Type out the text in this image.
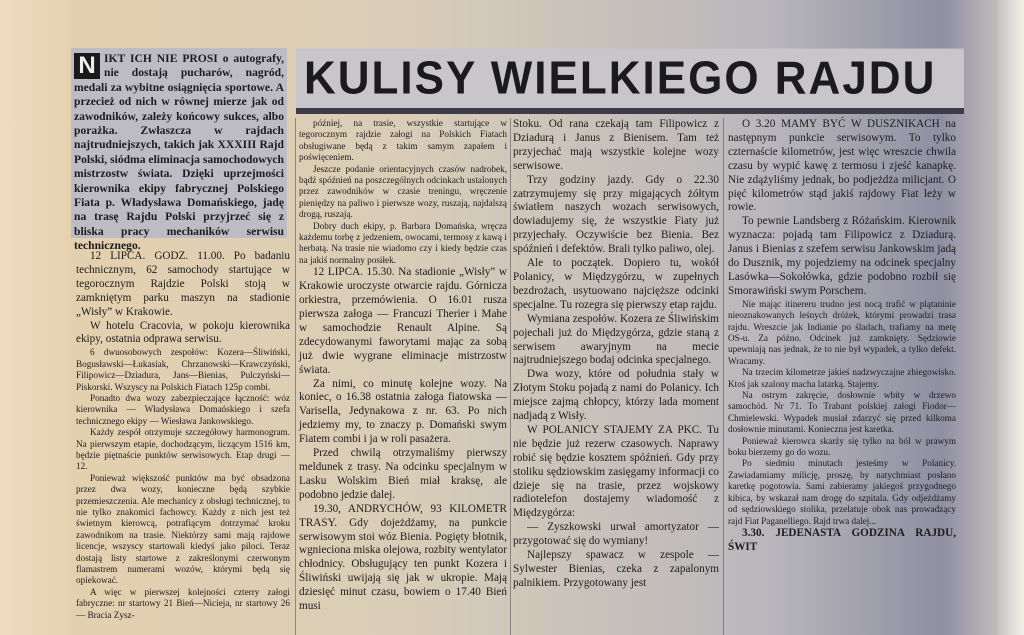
N IKT ICH NIE PROSI o autografy, nie dostają pucharów, nagród, medali za wybitne osiągnięcia sportowe. A przecież od nich w równej mierze jak od zawodników, zależy końcowy sukces, albo porażka. Zwłaszcza w rajdach najtrudniejszych, takich jak XXXIII Rajd Polski, siódma eliminacja samochodowych mistrzostw świata. Dzięki uprzejmości kierownika ekipy fabrycznej Polskiego Fiata p. Władysława Domańskiego, jadę na trasę Rajdu Polski przyjrzeć się z bliska pracy mechaników serwisu technicznego.
KULISY WIELKIEGO RAJDU

12 LIPCA. GODZ. 11.00. Po badaniu technicznym, 62 samochody startujące w tegorocznym Rajdzie Polski stoją w zamkniętym parku maszyn na stadionie „Wisły” w Krakowie.

W hotelu Cracovia, w pokoju kierownika ekipy, ostatnia odprawa serwisu.

6 dwuosobowych zespołów: Kozera—Śliwiński, Bogusławski—Łukasiak, Chrzanowski—Krawczyński, Filipowicz—Dziadura, Jans—Bienias, Pulczyński—Piskorski. Wszyscy na Polskich Fiatach 125p combi.

Ponadto dwa wozy zabezpieczające łączność: wóz kierownika — Władysława Domańskiego i szefa technicznego ekipy — Wiesława Jankowskiego.

Każdy zespół otrzymuje szczegółowy harmonogram. Na pierwszym etapie, dochodzącym, liczącym 1516 km, będzie piętnaście punktów serwisowych. Etap drugi — 12.

Ponieważ większość punktów ma być obsadzona przez dwa wozy, konieczne będą szybkie przemieszczenia. Ale mechanicy z obsługi technicznej, to nie tylko znakomici fachowcy. Każdy z nich jest też świetnym kierowcą, potrafiącym dotrzymać kroku zawodnikom na trasie. Niektórzy sami mają rajdowe licencje, wszyscy startowali kiedyś jako piloci. Teraz dostają listy startowe z zakreślonymi czerwonym flamastrem numerami wozów, którymi będą się opiekować.

A więc w pierwszej kolejności czterry załogi fabryczne: nr startowy 21 Bień—Nicieja, nr startowy 26 — Bracia Zysz-

później, na trasie, wszystkie startujące w tegorocznym rajdzie załogi na Polskich Fiatach obsługiwane będą z takim samym zapałem i poświęceniem.

Jeszcze podanie orientacyjnych czasów nadrobek, bądź spóźnień na poszczególnych odcinkach ustalonych przez zawodników w czasie treningu, wręczenie pieniędzy na paliwo i pierwsze wozy, ruszają, najdalszą drogą, ruszają.

Dobry duch ekipy, p. Barbara Domańska, wręcza każdemu torbę z jedzeniem, owocami, termosy z kawą i herbatą. Na trasie nie wiadomo czy i kiedy będzie czas na jakiś normalny posiłek.

12 LIPCA. 15.30. Na stadionie „Wisły” w Krakowie uroczyste otwarcie rajdu. Górnicza orkiestra, przemówienia. O 16.01 rusza pierwsza załoga — Francuzi Therier i Mahe w samochodzie Renault Alpine. Są zdecydowanymi faworytami mając za sobą już dwie wygrane eliminacje mistrzostw świata.

Za nimi, co minutę kolejne wozy. Na koniec, o 16.38 ostatnia załoga fiatowska — Varisella, Jedynakowa z nr. 63. Po nich jedziemy my, to znaczy p. Domański swym Fiatem combi i ja w roli pasażera.

Przed chwilą otrzymaliśmy pierwszy meldunek z trasy. Na odcinku specjalnym w Lasku Wolskim Bień miał kraksę, ale podobno jedzie dalej.

19.30, ANDRYCHÓW, 93 KILOMETR TRASY. Gdy dojeżdżamy, na punkcie serwisowym stoi wóz Bienia. Pogięty błotnik, wgnieciona miska olejowa, rozbity wentylator chłodnicy. Obsługujący ten punkt Kozera i Śliwiński uwijają się jak w ukropie. Mają dziesięć minut czasu, bowiem o 17.40 Bień musi

Stoku. Od rana czekają tam Filipowicz z Dziadurą i Janus z Bienisem. Tam też przyjechać mają wszystkie kolejne wozy serwisowe.

Trzy godziny jazdy. Gdy o 22.30 zatrzymujemy się przy migających żółtym światłem naszych wozach serwisowych, dowiadujemy się, że wszystkie Fiaty już przyjechały. Oczywiście bez Bienia. Bez spóźnień i defektów. Brali tylko paliwo, olej.

Ale to początek. Dopiero tu, wokół Polanicy, w Międzygórzu, w zupełnych bezdrożach, usytuowano najcięższe odcinki specjalne. Tu rozegra się pierwszy etap rajdu.

Wymiana zespołów. Kozera ze Śliwińskim pojechali już do Międzygórza, gdzie staną z serwisem awaryjnym na mecie najtrudniejszego bodaj odcinka specjalnego.

Dwa wozy, które od południa stały w Złotym Stoku pojadą z nami do Polanicy. Ich miejsce zajmą chłopcy, którzy lada moment nadjadą z Wisły.

W POLANICY STAJEMY ZA PKC. Tu nie będzie już rezerw czasowych. Naprawy robić się będzie kosztem spóźnień. Gdy przy stoliku sędziowskim zasięgamy informacji co dzieje się na trasie, przez wojskowy radiotelefon dostajemy wiadomość z Międzygórza:

— Zyszkowski urwał amortyzator — przygotować się do wymiany!

Najlepszy spawacz w zespole — Sylwester Bienias, czeka z zapalonym palnikiem. Przygotowany jest

O 3.20 MAMY BYĆ W DUSZNIKACH na następnym punkcie serwisowym. To tylko czternaście kilometrów, jest więc wreszcie chwila czasu by wypić kawę z termosu i zjeść kanapkę. Nie zdążyliśmy jednak, bo podjeżdża milicjant. O pięć kilometrów stąd jakiś rajdowy Fiat leży w rowie.

To pewnie Landsberg z Różańskim. Kierownik wyznacza: pojadą tam Filipowicz z Dziadurą. Janus i Bienias z szefem serwisu Jankowskim jadą do Dusznik, my pojedziemy na odcinek specjalny Lasówka—Sokołówka, gdzie podobno rozbił się Smorawiński swym Porschem.

Nie mając itinereru trudno jest nocą trafić w plątaninie nieoznakowanych leśnych dróżek, którymi prowadzi trasa rajdu. Wreszcie jak Indianie po śladach, trafiamy na metę OS-u. Za późno. Odcinek już zamknięty. Sędziowie upewniają nas jednak, że to nie był wypadek, a tylko defekt. Wracamy.

Na trzecim kilometrze jakieś nadzwyczajne zbiegowisko. Ktoś jak szalony macha latarką. Stajemy.

Na ostrym zakręcie, dosłownie wbity w drzewo samochód. Nr 71. To Trabant polskiej załogi Fiodor—Chmielewski. Wypadek musiał zdarzyć się przed kilkoma dosłownie minutami. Konieczna jest karetka.

Ponieważ kierowca skarży się tylko na ból w prawym boku bierzemy go do wozu.

Po siedmiu minutach jesteśmy w Polanicy. Zawiadamiamy milicję, proszę, by natychmiast posłano karetkę pogotowia. Sami zabieramy jakiegoś przygodnego kibica, by wskazał nam drogę do szpitala. Gdy odjeżdżamy od sędziowskiego stolika, przelatuje obok nas prowadzący rajd Fiat Paganelliego. Rajd trwa dalej...

3.30. JEDENASTA GODZINA RAJDU, ŚWIT
